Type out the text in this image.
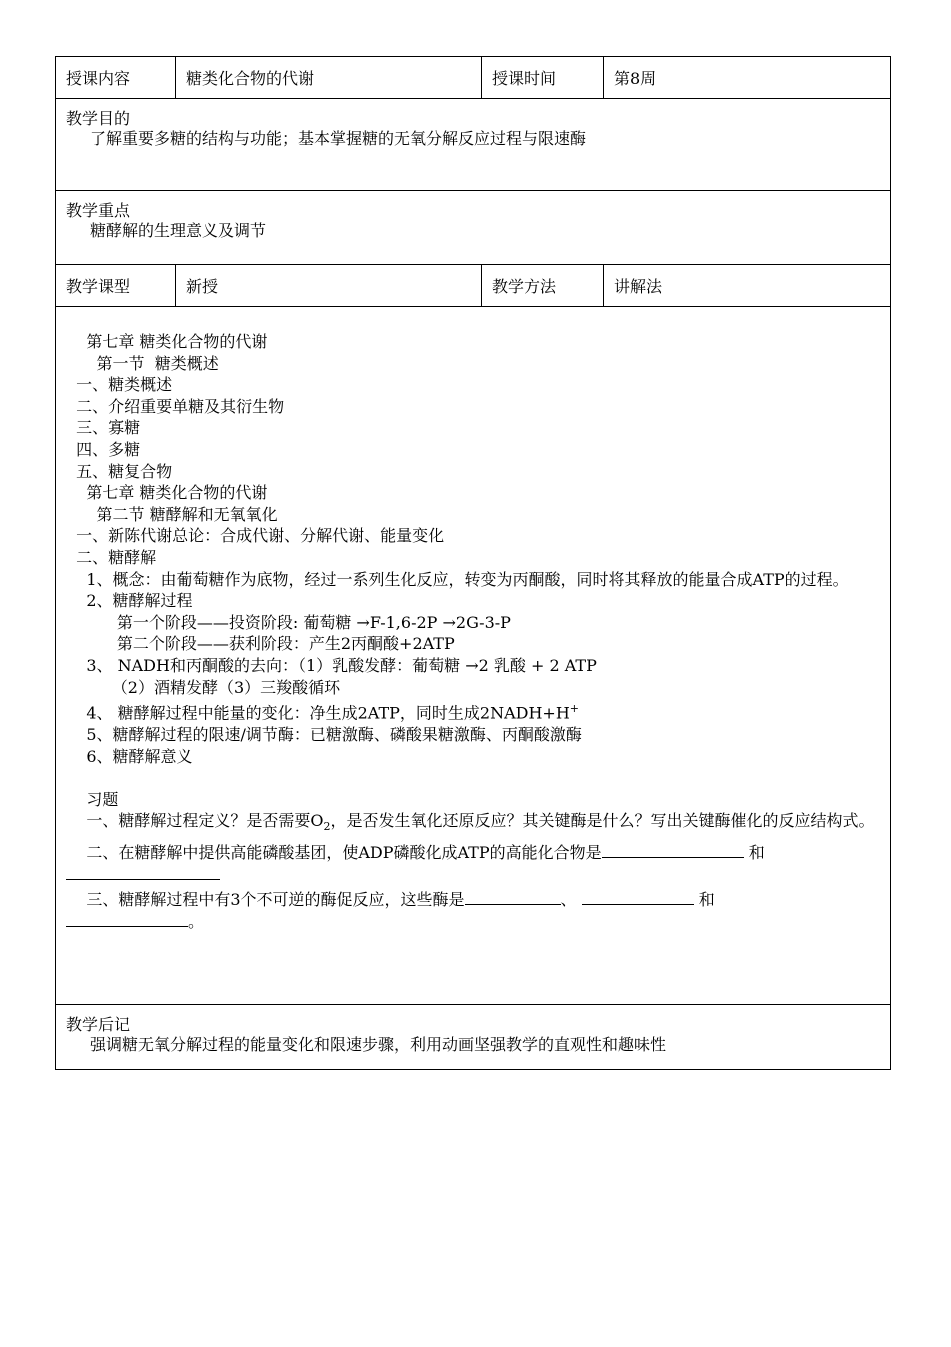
授课内容	糖类化合物的代谢	授课时间	第8周
教学目的
了解重要多糖的结构与功能；基本掌握糖的无氧分解反应过程与限速酶
教学重点
糖酵解的生理意义及调节
教学课型	新授	教学方法	讲解法

第七章 糖类化合物的代谢

第一节  糖类概述

一、糖类概述

二、介绍重要单糖及其衍生物

三、寡糖

四、多糖

五、糖复合物

第七章 糖类化合物的代谢

第二节 糖酵解和无氧氧化

一、新陈代谢总论：合成代谢、分解代谢、能量变化

二、糖酵解

1、概念：由葡萄糖作为底物，经过一系列生化反应，转变为丙酮酸，同时将其释放的能量合成ATP的过程。

2、糖酵解过程

第一个阶段——投资阶段: 葡萄糖 →F-1,6-2P →2G-3-P

第二个阶段——获利阶段：产生2丙酮酸+2ATP

3、 NADH和丙酮酸的去向：（1）乳酸发酵：葡萄糖 →2 乳酸 + 2 ATP

（2）酒精发酵（3）三羧酸循环

4、 糖酵解过程中能量的变化：净生成2ATP，同时生成2NADH+H+

5、糖酵解过程的限速/调节酶：已糖激酶、磷酸果糖激酶、丙酮酸激酶

6、糖酵解意义

习题

一、糖酵解过程定义？是否需要$O_2$，是否发生氧化还原反应？其关键酶是什么？写出关键酶催化的反应结构式。

二、在糖酵解中提供高能磷酸基团，使ADP磷酸化成ATP的高能化合物是	和

三、糖酵解过程中有3个不可逆的酶促反应，这些酶是	、	和
。

教学后记
强调糖无氧分解过程的能量变化和限速步骤，利用动画坚强教学的直观性和趣味性
